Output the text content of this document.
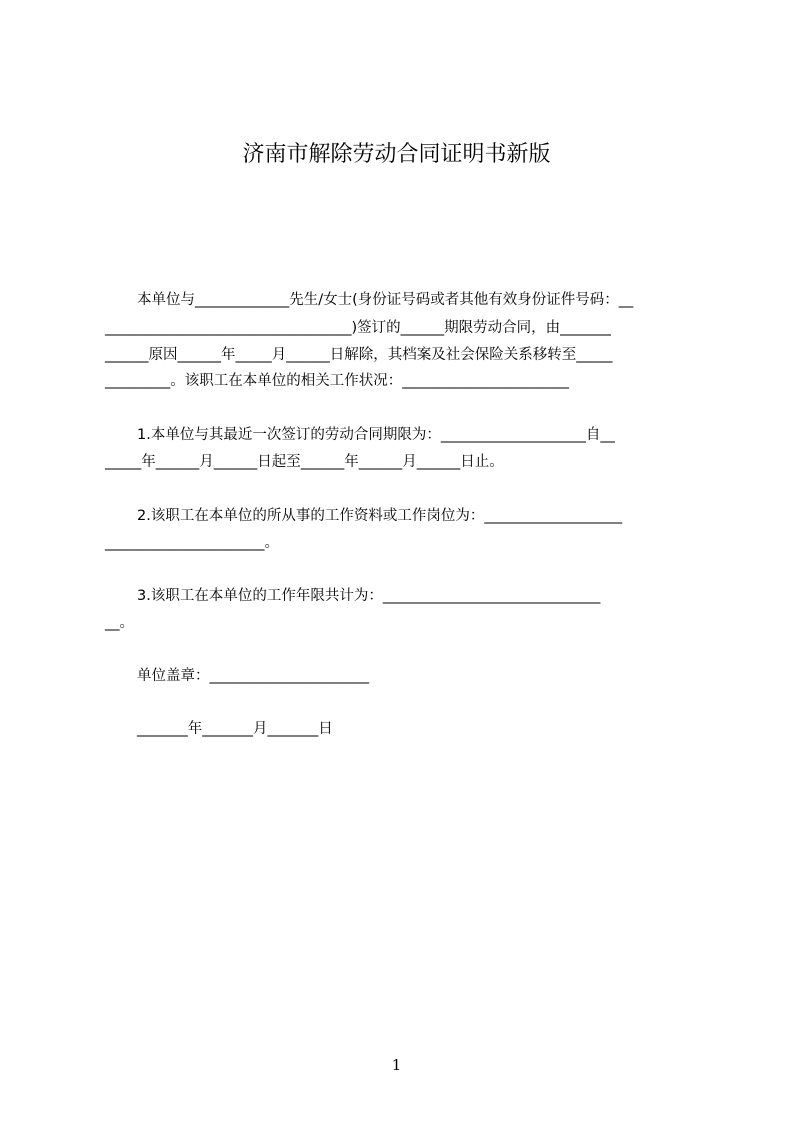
济南市解除劳动合同证明书新版
本单位与_____________先生/女士(身份证号码或者其他有效身份证件号码：__
__________________________________)签订的______期限劳动合同，由_______
______原因______年_____月______日解除，其档案及社会保险关系移转至_____
_________。该职工在本单位的相关工作状况：_______________________
1.本单位与其最近一次签订的劳动合同期限为：____________________自__
_____年______月______日起至______年______月______日止。
2.该职工在本单位的所从事的工作资料或工作岗位为：___________________
______________________。
3.该职工在本单位的工作年限共计为：______________________________
__。
单位盖章：______________________
_______年_______月_______日
1
